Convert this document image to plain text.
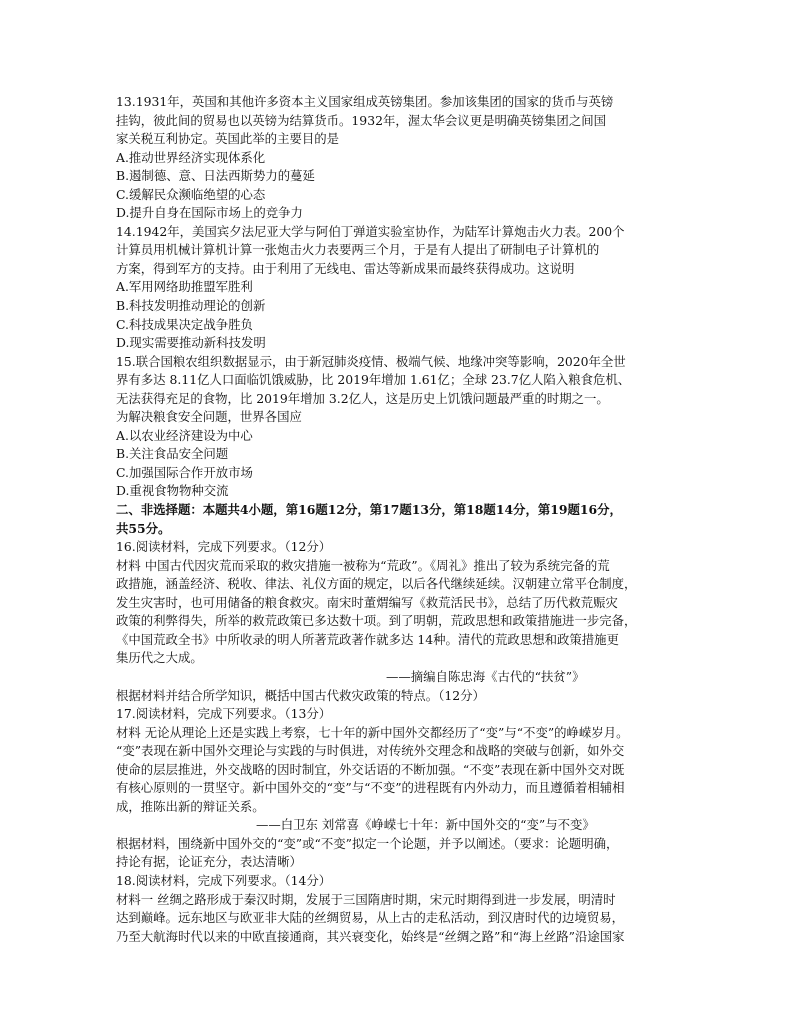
13.1931年，英国和其他许多资本主义国家组成英镑集团。参加该集团的国家的货币与英镑
挂钩，彼此间的贸易也以英镑为结算货币。1932年，渥太华会议更是明确英镑集团之间国
家关税互利协定。英国此举的主要目的是
A.推动世界经济实现体系化
B.遏制德、意、日法西斯势力的蔓延
C.缓解民众濒临绝望的心态
D.提升自身在国际市场上的竞争力
14.1942年，美国宾夕法尼亚大学与阿伯丁弹道实验室协作，为陆军计算炮击火力表。200个
计算员用机械计算机计算一张炮击火力表要两三个月，于是有人提出了研制电子计算机的
方案，得到军方的支持。由于利用了无线电、雷达等新成果而最终获得成功。这说明
A.军用网络助推盟军胜利
B.科技发明推动理论的创新
C.科技成果决定战争胜负
D.现实需要推动新科技发明
15.联合国粮农组织数据显示，由于新冠肺炎疫情、极端气候、地缘冲突等影响，2020年全世
界有多达 8.11亿人口面临饥饿威胁，比 2019年增加 1.61亿；全球 23.7亿人陷入粮食危机、
无法获得充足的食物，比 2019年增加 3.2亿人，这是历史上饥饿问题最严重的时期之一。
为解决粮食安全问题，世界各国应
A.以农业经济建设为中心
B.关注食品安全问题
C.加强国际合作开放市场
D.重视食物物种交流
二、非选择题：本题共4小题，第16题12分，第17题13分，第18题14分，第19题16分，
共55分。
16.阅读材料，完成下列要求。（12分）
材料 中国古代因灾荒而采取的救灾措施一被称为“荒政”。《周礼》推出了较为系统完备的荒
政措施，涵盖经济、税收、律法、礼仪方面的规定，以后各代继续延续。汉朝建立常平仓制度，
发生灾害时，也可用储备的粮食救灾。南宋时董煟编写《救荒活民书》，总结了历代救荒赈灾
政策的利弊得失，所举的救荒政策已多达数十项。到了明朝，荒政思想和政策措施进一步完备，
《中国荒政全书》中所收录的明人所著荒政著作就多达 14种。清代的荒政思想和政策措施更
集历代之大成。
——摘编自陈忠海《古代的“扶贫”》
根据材料并结合所学知识，概括中国古代救灾政策的特点。（12分）
17.阅读材料，完成下列要求。（13分）
材料 无论从理论上还是实践上考察，七十年的新中国外交都经历了“变”与“不变”的峥嵘岁月。
“变”表现在新中国外交理论与实践的与时俱进，对传统外交理念和战略的突破与创新，如外交
使命的层层推进，外交战略的因时制宜，外交话语的不断加强。“不变”表现在新中国外交对既
有核心原则的一贯坚守。新中国外交的“变”与“不变”的进程既有内外动力，而且遵循着相辅相
成，推陈出新的辩证关系。
——白卫东 刘常喜《峥嵘七十年：新中国外交的“变”与不变》
根据材料，围绕新中国外交的“变”或“不变”拟定一个论题，并予以阐述。（要求：论题明确，
持论有据，论证充分，表达清晰）
18.阅读材料，完成下列要求。（14分）
材料一 丝绸之路形成于秦汉时期，发展于三国隋唐时期，宋元时期得到进一步发展，明清时
达到巅峰。远东地区与欧亚非大陆的丝绸贸易，从上古的走私活动，到汉唐时代的边境贸易，
乃至大航海时代以来的中欧直接通商，其兴衰变化，始终是“丝绸之路”和“海上丝路”沿途国家
